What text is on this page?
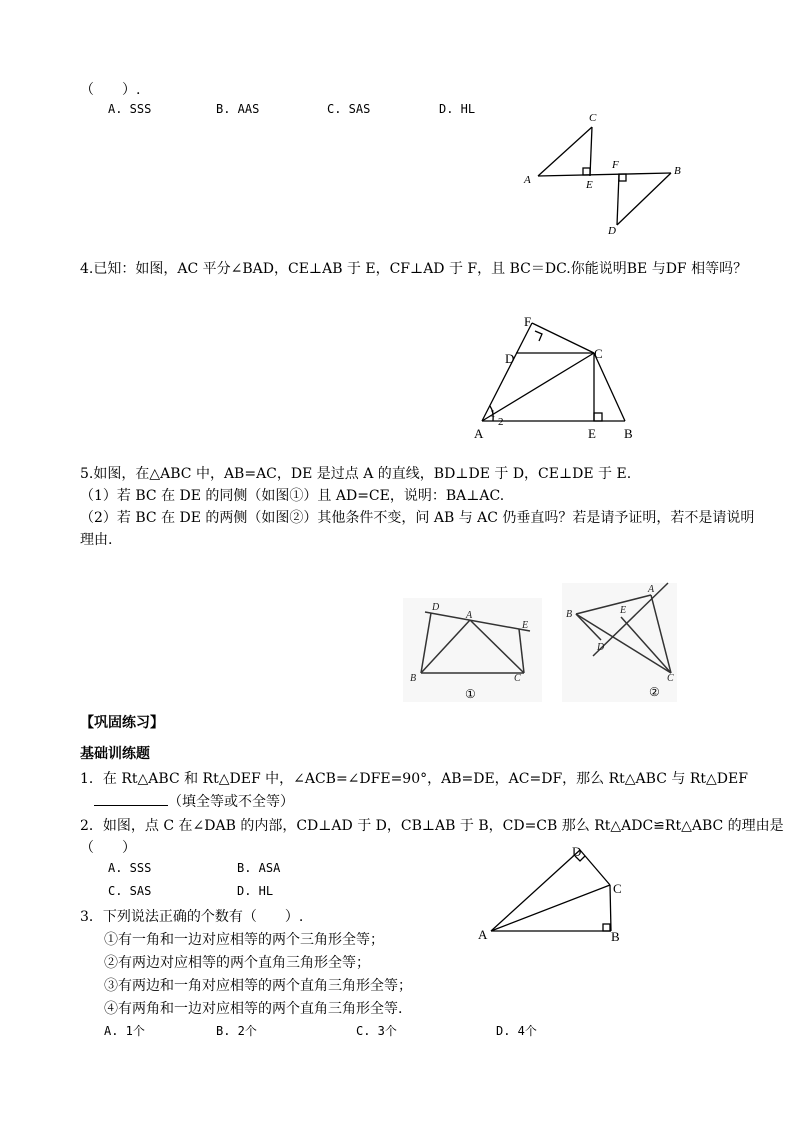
（　　）.
A. SSS	B. AAS	C. SAS	D. HL
A
B
C
D
E
F
4.已知：如图，AC 平分∠BAD，CE⊥AB 于 E，CF⊥AD 于 F，且 BC＝DC.你能说明BE 与DF 相等吗？
A	B
C
D
E
F
1
2
5.如图，在△ABC 中，AB=AC，DE 是过点 A 的直线，BD⊥DE 于 D，CE⊥DE 于 E.
（1）若 BC 在 DE 的同侧（如图①）且 AD=CE，说明：BA⊥AC.
（2）若 BC 在 DE 的两侧（如图②）其他条件不变，问 AB 与 AC 仍垂直吗？若是请予证明，若不是请说明
理由.
D
A
E
B	C
①
A
B	E
D
C
②
【巩固练习】
基础训练题
1．在 Rt△ABC 和 Rt△DEF 中，∠ACB=∠DFE=90°，AB=DE，AC=DF，那么 Rt△ABC 与 Rt△DEF
（填全等或不全等）
2．如图，点 C 在∠DAB 的内部，CD⊥AD 于 D，CB⊥AB 于 B，CD=CB 那么 Rt△ADC≌Rt△ABC 的理由是
（　　）
A. SSS	B. ASA
C. SAS	D. HL
A	B
C
D
3．下列说法正确的个数有（　　）.
①有一角和一边对应相等的两个三角形全等；
②有两边对应相等的两个直角三角形全等；
③有两边和一角对应相等的两个直角三角形全等；
④有两角和一边对应相等的两个直角三角形全等.
A. 1个	B. 2个	C. 3个	D. 4个
